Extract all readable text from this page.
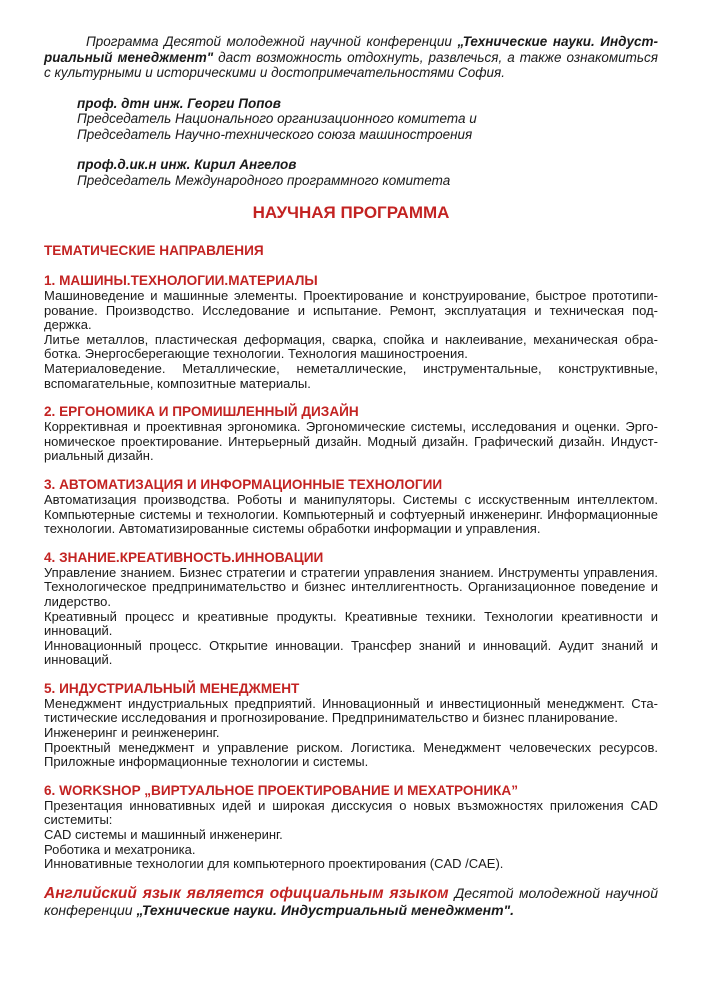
Программа Десятой молодежной научной конференции „Технические науки. Индустриальный менеджмент" даст возможность отдохнуть, развлечься, а также ознакомиться с культурными и историческими и достопримечательностями София.

проф. дтн инж. Георги Попов
Председатель Национального организационного комитета и
Председатель Научно-технического союза машиностроения
проф.д.ик.н инж. Кирил Ангелов
Председатель Международного программного комитета
НАУЧНАЯ ПРОГРАММА
ТЕМАТИЧЕСКИЕ НАПРАВЛЕНИЯ
1. МАШИНЫ.ТЕХНОЛОГИИ.МАТЕРИАЛЫ

Машиноведение и машинные элементы. Проектирование и конструирование, быстрое прототипирование. Производство. Исследование и испытание. Ремонт, эксплуатация и техническая поддержка.

Литье металлов, пластическая деформация, сварка, спойка и наклеивание, механическая обработка. Энергосберегающие технологии. Технология машиностроения.

Материаловедение. Металлические, неметаллические, инструментальные, конструктивные, вспомагательные, композитные материалы.

2. ЕРГОНОМИКА И ПРОМИШЛЕННЫЙ ДИЗАЙН

Коррективная и проективная эргономика. Эргономические системы, исследования и оценки. Эргономическое проектирование. Интерьерный дизайн. Модный дизайн. Графический дизайн. Индустриальный дизайн.

3. АВТОМАТИЗАЦИЯ И ИНФОРМАЦИОННЫЕ ТЕХНОЛОГИИ

Автоматизация производства. Роботы и манипуляторы. Системы с исскуственным интеллектом. Компьютерные системы и технологии. Компьютерный и софтуерный инженеринг. Информационные технологии. Автоматизированные системы обработки информации и управления.

4. ЗНАНИЕ.КРЕАТИВНОСТЬ.ИННОВАЦИИ

Управление знанием. Бизнес стратегии и стратегии управления знанием. Инструменты управления. Технологическое предпринимательство и бизнес интеллигентность. Организационное поведение и лидерство.

Креативный процесс и креативные продукты. Креативные техники. Технологии креативности и инноваций.

Инновационный процесс. Открытие инновации. Трансфер знаний и инноваций. Аудит знаний и инноваций.

5. ИНДУСТРИАЛЬНЫЙ МЕНЕДЖМЕНТ

Менеджмент индустриальных предприятий. Инновационный и инвестиционный менеджмент. Статистические исследования и прогнозирование. Предпринимательство и бизнес планирование.

Инженеринг и реинженеринг.

Проектный менеджмент и управление риском. Логистика. Менеджмент человеческих ресурсов. Приложные информационные технологии и системы.

6. WORKSHOP „ВИРТУАЛЬНОЕ ПРОЕКТИРОВАНИЕ И МЕХАТРОНИКА”

Презентация инновативных идей и широкая дисскусия о новых възможностях приложения CAD системиты:

CAD системы и машинный инженеринг.

Роботика и мехатроника.

Инновативные технологии для компьютерного проектирования (CAD /CAE).

Английский язык является официальным языком Десятой молодежной научной конференции „Технические науки. Индустриальный менеджмент".
